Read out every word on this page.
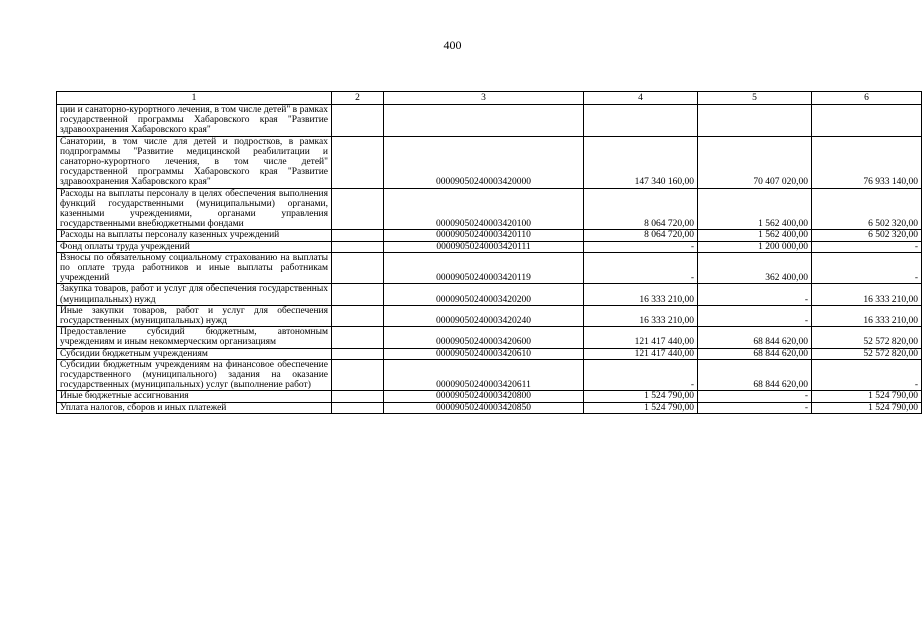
400
1	2	3	4	5	6
ции и санаторно-курортного лечения, в том числе детей" в рамках государственной программы Хабаровского края "Развитие здравоохранения Хабаровского края"					
Санатории, в том числе для детей и подростков, в рамках подпрограммы "Развитие медицинской реабилитации и санаторно-курортного лечения, в том числе детей" государственной программы Хабаровского края "Развитие здравоохранения Хабаровского края"		00009050240003420000	147 340 160,00	70 407 020,00	76 933 140,00
Расходы на выплаты персоналу в целях обеспечения выполнения функций государственными (муниципальными) органами, казенными учреждениями, органами управления государственными внебюджетными фондами		00009050240003420100	8 064 720,00	1 562 400,00	6 502 320,00
Расходы на выплаты персоналу казенных учреждений		00009050240003420110	8 064 720,00	1 562 400,00	6 502 320,00
Фонд оплаты труда учреждений		00009050240003420111	-	1 200 000,00	-
Взносы по обязательному социальному страхованию на выплаты по оплате труда работников и иные выплаты работникам учреждений		00009050240003420119	-	362 400,00	-
Закупка товаров, работ и услуг для обеспечения государственных (муниципальных) нужд		00009050240003420200	16 333 210,00	-	16 333 210,00
Иные закупки товаров, работ и услуг для обеспечения государственных (муниципальных) нужд		00009050240003420240	16 333 210,00	-	16 333 210,00
Предоставление субсидий бюджетным, автономным учреждениям и иным некоммерческим организациям		00009050240003420600	121 417 440,00	68 844 620,00	52 572 820,00
Субсидии бюджетным учреждениям		00009050240003420610	121 417 440,00	68 844 620,00	52 572 820,00
Субсидии бюджетным учреждениям на финансовое обеспечение государственного (муниципального) задания на оказание государственных (муниципальных) услуг (выполнение работ)		00009050240003420611	-	68 844 620,00	-
Иные бюджетные ассигнования		00009050240003420800	1 524 790,00	-	1 524 790,00
Уплата налогов, сборов и иных платежей		00009050240003420850	1 524 790,00	-	1 524 790,00
